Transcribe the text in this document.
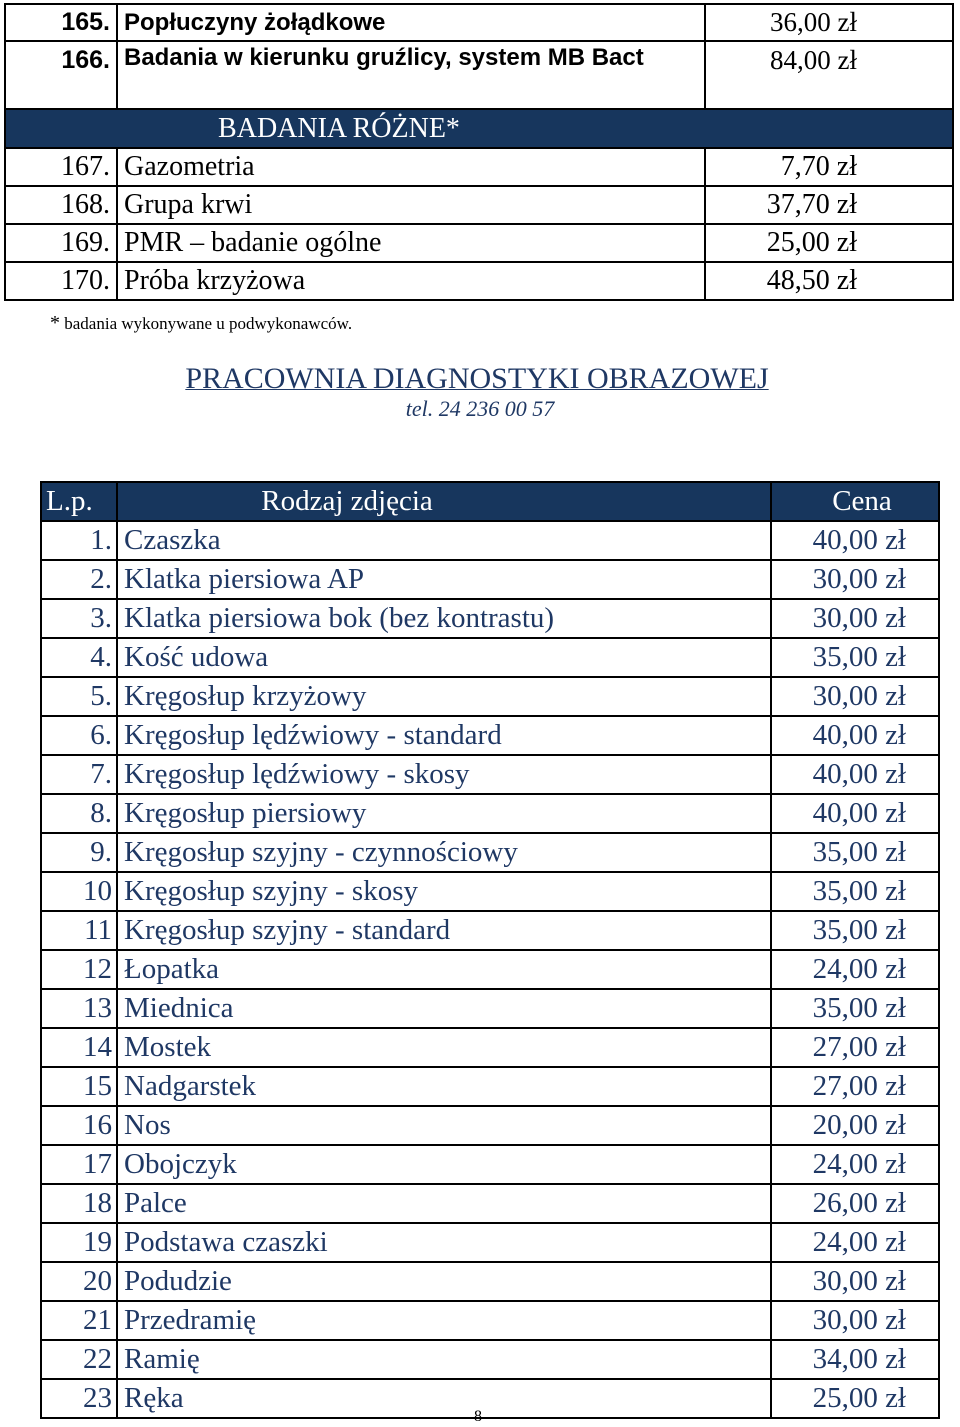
165.	Popłuczyny żołądkowe	36,00 zł
166.	Badania w kierunku gruźlicy, system MB Bact	84,00 zł
BADANIA RÓŻNE*		
167.	Gazometria	7,70 zł
168.	Grupa krwi	37,70 zł
169.	PMR – badanie ogólne	25,00 zł
170.	Próba krzyżowa	48,50 zł
* badania wykonywane u podwykonawców.
PRACOWNIA DIAGNOSTYKI OBRAZOWEJ
tel. 24 236 00 57
L.p.	Rodzaj zdjęcia	Cena
1.	Czaszka	40,00 zł
2.	Klatka piersiowa AP	30,00 zł
3.	Klatka piersiowa bok (bez kontrastu)	30,00 zł
4.	Kość udowa	35,00 zł
5.	Kręgosłup krzyżowy	30,00 zł
6.	Kręgosłup lędźwiowy - standard	40,00 zł
7.	Kręgosłup lędźwiowy - skosy	40,00 zł
8.	Kręgosłup piersiowy	40,00 zł
9.	Kręgosłup szyjny - czynnościowy	35,00 zł
10	Kręgosłup szyjny - skosy	35,00 zł
11	Kręgosłup szyjny - standard	35,00 zł
12	Łopatka	24,00 zł
13	Miednica	35,00 zł
14	Mostek	27,00 zł
15	Nadgarstek	27,00 zł
16	Nos	20,00 zł
17	Obojczyk	24,00 zł
18	Palce	26,00 zł
19	Podstawa czaszki	24,00 zł
20	Podudzie	30,00 zł
21	Przedramię	30,00 zł
22	Ramię	34,00 zł
23	Ręka	25,00 zł
8
